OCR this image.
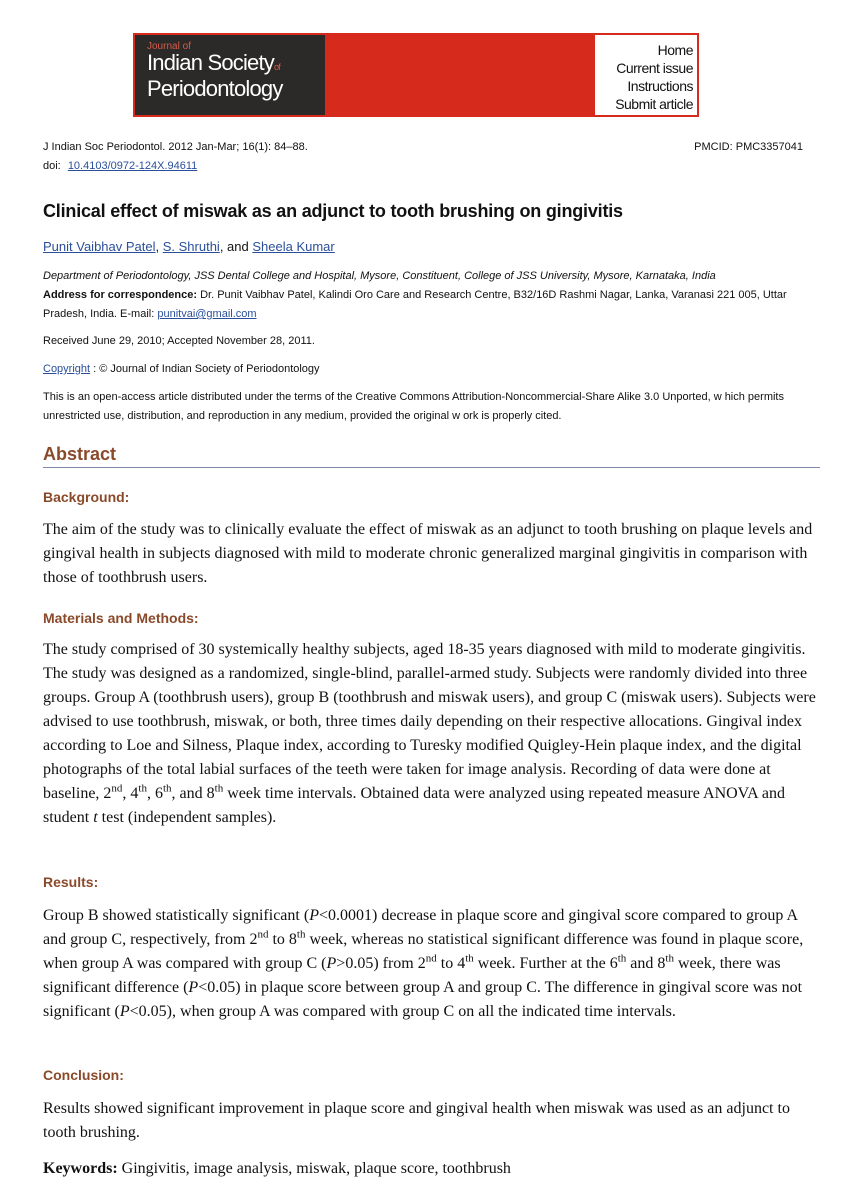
Journal of
Indian Societyof
Periodontology
Home
Current issue
Instructions
Submit article
J Indian Soc Periodontol. 2012 Jan-Mar; 16(1): 84–88.
doi: 10.4103/0972-124X.94611
PMCID: PMC3357041
Clinical effect of miswak as an adjunct to tooth brushing on gingivitis
Punit Vaibhav Patel, S. Shruthi, and Sheela Kumar
Department of Periodontology, JSS Dental College and Hospital, Mysore, Constituent, College of JSS University, Mysore, Karnataka, India
Address for correspondence: Dr. Punit Vaibhav Patel, Kalindi Oro Care and Research Centre, B32/16D Rashmi Nagar, Lanka, Varanasi 221 005, Uttar Pradesh, India. E-mail: punitvai@gmail.com
Received June 29, 2010; Accepted November 28, 2011.
Copyright : © Journal of Indian Society of Periodontology
This is an open-access article distributed under the terms of the Creative Commons Attribution-Noncommercial-Share Alike 3.0 Unported, w hich permits unrestricted use, distribution, and reproduction in any medium, provided the original w ork is properly cited.
Abstract
Background:
The aim of the study was to clinically evaluate the effect of miswak as an adjunct to tooth brushing on plaque levels and gingival health in subjects diagnosed with mild to moderate chronic generalized marginal gingivitis in comparison with those of toothbrush users.
Materials and Methods:
The study comprised of 30 systemically healthy subjects, aged 18-35 years diagnosed with mild to moderate gingivitis. The study was designed as a randomized, single-blind, parallel-armed study. Subjects were randomly divided into three groups. Group A (toothbrush users), group B (toothbrush and miswak users), and group C (miswak users). Subjects were advised to use toothbrush, miswak, or both, three times daily depending on their respective allocations. Gingival index according to Loe and Silness, Plaque index, according to Turesky modified Quigley-Hein plaque index, and the digital photographs of the total labial surfaces of the teeth were taken for image analysis. Recording of data were done at baseline, 2nd, 4th, 6th, and 8th week time intervals. Obtained data were analyzed using repeated measure ANOVA and student t test (independent samples).
Results:
Group B showed statistically significant (P<0.0001) decrease in plaque score and gingival score compared to group A and group C, respectively, from 2nd to 8th week, whereas no statistical significant difference was found in plaque score, when group A was compared with group C (P>0.05) from 2nd to 4th week. Further at the 6th and 8th week, there was significant difference (P<0.05) in plaque score between group A and group C. The difference in gingival score was not significant (P<0.05), when group A was compared with group C on all the indicated time intervals.
Conclusion:
Results showed significant improvement in plaque score and gingival health when miswak was used as an adjunct to tooth brushing.
Keywords: Gingivitis, image analysis, miswak, plaque score, toothbrush
